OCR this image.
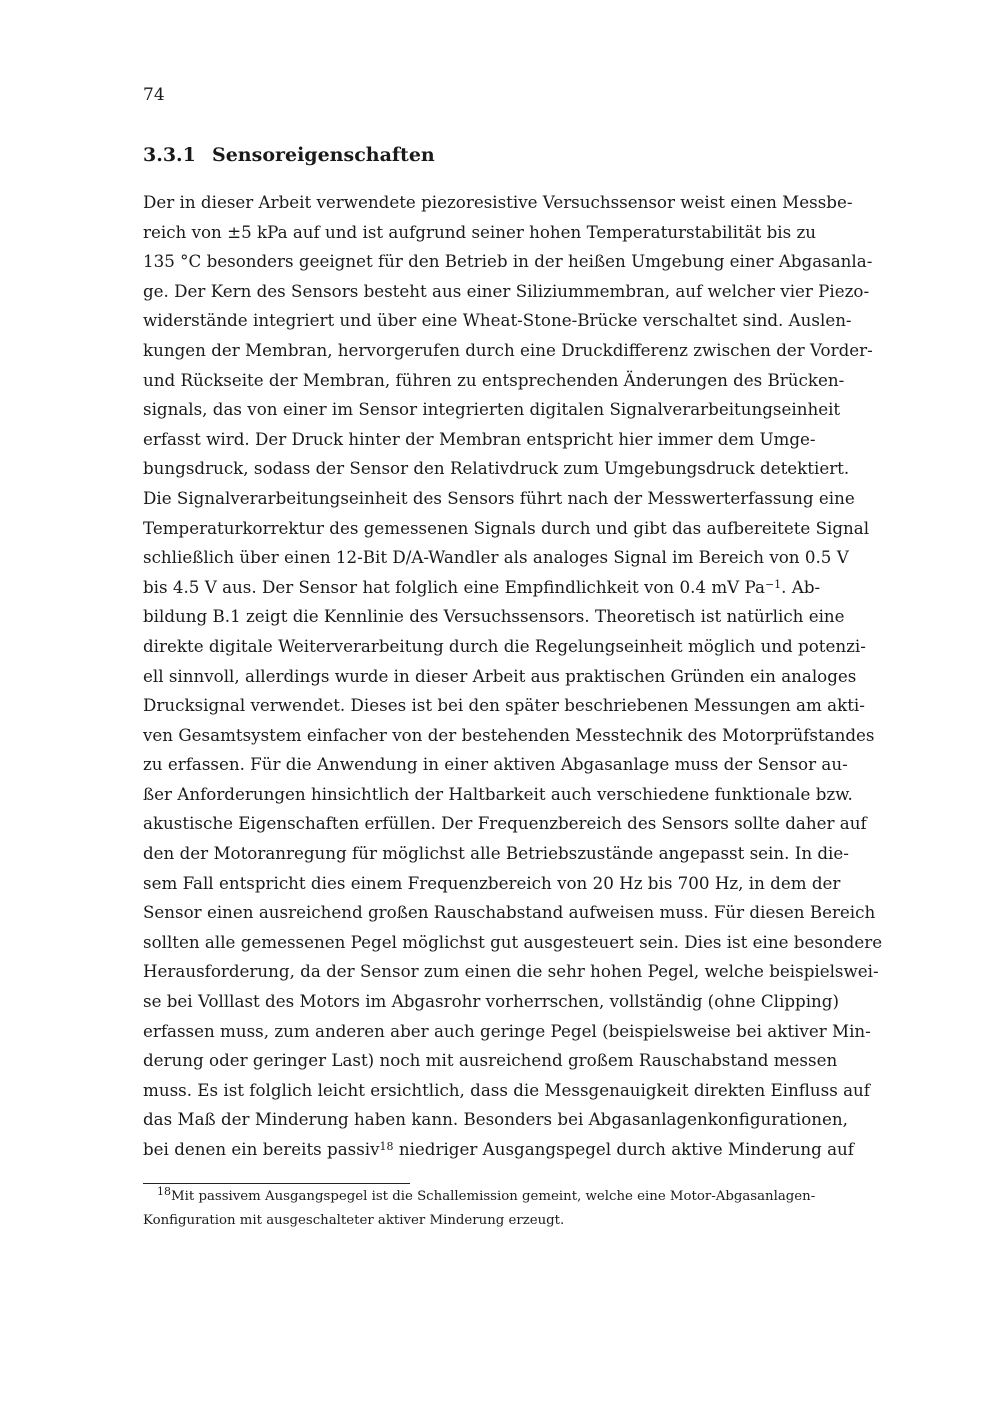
74
3.3.1 Sensoreigenschaften
Der in dieser Arbeit verwendete piezoresistive Versuchssensor weist einen Messbe-
reich von ±5 kPa auf und ist aufgrund seiner hohen Temperaturstabilität bis zu
135 °C besonders geeignet für den Betrieb in der heißen Umgebung einer Abgasanla-
ge. Der Kern des Sensors besteht aus einer Siliziummembran, auf welcher vier Piezo-
widerstände integriert und über eine Wheat-Stone-Brücke verschaltet sind. Auslen-
kungen der Membran, hervorgerufen durch eine Druckdifferenz zwischen der Vorder-
und Rückseite der Membran, führen zu entsprechenden Änderungen des Brücken-
signals, das von einer im Sensor integrierten digitalen Signalverarbeitungseinheit
erfasst wird. Der Druck hinter der Membran entspricht hier immer dem Umge-
bungsdruck, sodass der Sensor den Relativdruck zum Umgebungsdruck detektiert.
Die Signalverarbeitungseinheit des Sensors führt nach der Messwerterfassung eine
Temperaturkorrektur des gemessenen Signals durch und gibt das aufbereitete Signal
schließlich über einen 12-Bit D/A-Wandler als analoges Signal im Bereich von 0.5 V
bis 4.5 V aus. Der Sensor hat folglich eine Empfindlichkeit von 0.4 mV $Pa^{-1}$. Ab-
bildung B.1 zeigt die Kennlinie des Versuchssensors. Theoretisch ist natürlich eine
direkte digitale Weiterverarbeitung durch die Regelungseinheit möglich und potenzi-
ell sinnvoll, allerdings wurde in dieser Arbeit aus praktischen Gründen ein analoges
Drucksignal verwendet. Dieses ist bei den später beschriebenen Messungen am akti-
ven Gesamtsystem einfacher von der bestehenden Messtechnik des Motorprüfstandes
zu erfassen. Für die Anwendung in einer aktiven Abgasanlage muss der Sensor au-
ßer Anforderungen hinsichtlich der Haltbarkeit auch verschiedene funktionale bzw.
akustische Eigenschaften erfüllen. Der Frequenzbereich des Sensors sollte daher auf
den der Motoranregung für möglichst alle Betriebszustände angepasst sein. In die-
sem Fall entspricht dies einem Frequenzbereich von 20 Hz bis 700 Hz, in dem der
Sensor einen ausreichend großen Rauschabstand aufweisen muss. Für diesen Bereich
sollten alle gemessenen Pegel möglichst gut ausgesteuert sein. Dies ist eine besondere
Herausforderung, da der Sensor zum einen die sehr hohen Pegel, welche beispielswei-
se bei Volllast des Motors im Abgasrohr vorherrschen, vollständig (ohne Clipping)
erfassen muss, zum anderen aber auch geringe Pegel (beispielsweise bei aktiver Min-
derung oder geringer Last) noch mit ausreichend großem Rauschabstand messen
muss. Es ist folglich leicht ersichtlich, dass die Messgenauigkeit direkten Einfluss auf
das Maß der Minderung haben kann. Besonders bei Abgasanlagenkonfigurationen,
bei denen ein bereits passiv$^{18}$ niedriger Ausgangspegel durch aktive Minderung auf
$^{18}$Mit passivem Ausgangspegel ist die Schallemission gemeint, welche eine Motor-Abgasanlagen-
Konfiguration mit ausgeschalteter aktiver Minderung erzeugt.
